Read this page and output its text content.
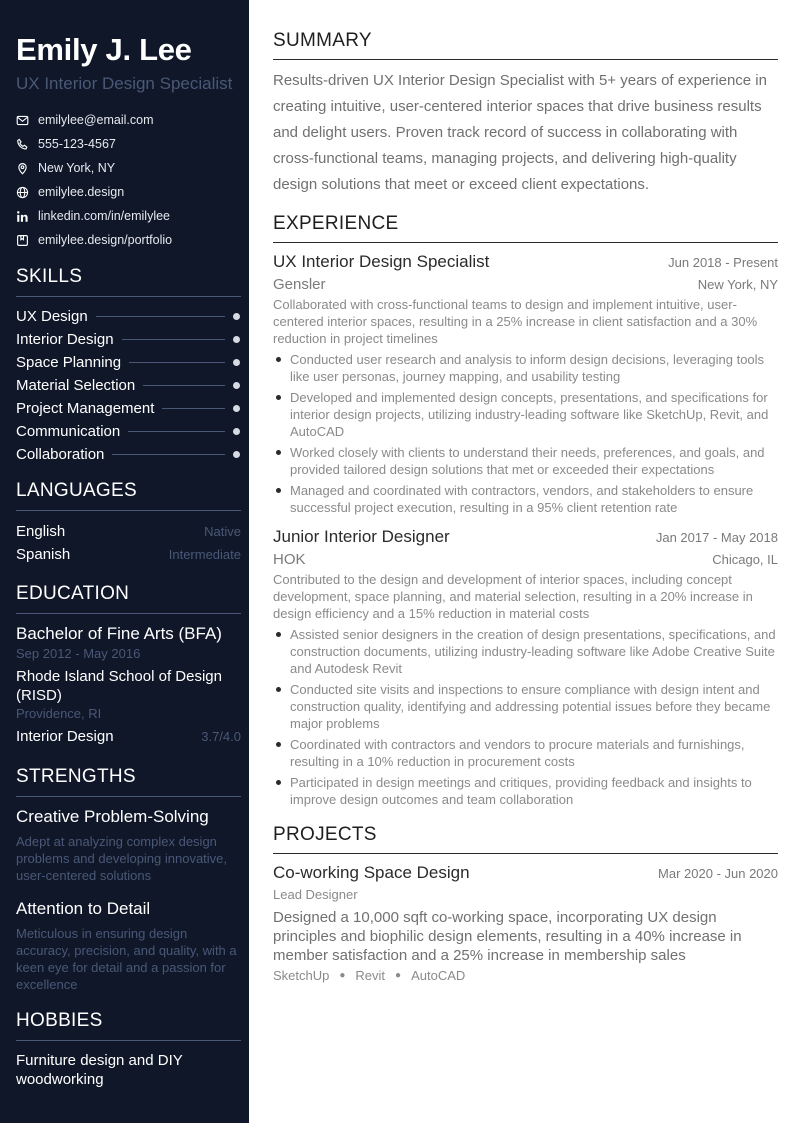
Emily J. Lee
UX Interior Design Specialist
emilylee@email.com
555-123-4567
New York, NY
emilylee.design
linkedin.com/in/emilylee
emilylee.design/portfolio
SKILLS
UX Design
Interior Design
Space Planning
Material Selection
Project Management
Communication
Collaboration
LANGUAGES
English	Native
Spanish	Intermediate
EDUCATION
Bachelor of Fine Arts (BFA)
Sep 2012 - May 2016
Rhode Island School of Design (RISD)
Providence, RI
Interior Design	3.7/4.0
STRENGTHS
Creative Problem-Solving
Adept at analyzing complex design problems and developing innovative, user-centered solutions
Attention to Detail
Meticulous in ensuring design accuracy, precision, and quality, with a keen eye for detail and a passion for excellence
HOBBIES
Furniture design and DIY woodworking
SUMMARY

Results-driven UX Interior Design Specialist with 5+ years of experience in creating intuitive, user-centered interior spaces that drive business results and delight users. Proven track record of success in collaborating with cross-functional teams, managing projects, and delivering high-quality design solutions that meet or exceed client expectations.

EXPERIENCE
UX Interior Design Specialist	Jun 2018 - Present
Gensler	New York, NY
Collaborated with cross-functional teams to design and implement intuitive, user-centered interior spaces, resulting in a 25% increase in client satisfaction and a 30% reduction in project timelines
Conducted user research and analysis to inform design decisions, leveraging tools like user personas, journey mapping, and usability testing
Developed and implemented design concepts, presentations, and specifications for interior design projects, utilizing industry-leading software like SketchUp, Revit, and AutoCAD
Worked closely with clients to understand their needs, preferences, and goals, and provided tailored design solutions that met or exceeded their expectations
Managed and coordinated with contractors, vendors, and stakeholders to ensure successful project execution, resulting in a 95% client retention rate
Junior Interior Designer	Jan 2017 - May 2018
HOK	Chicago, IL
Contributed to the design and development of interior spaces, including concept development, space planning, and material selection, resulting in a 20% increase in design efficiency and a 15% reduction in material costs
Assisted senior designers in the creation of design presentations, specifications, and construction documents, utilizing industry-leading software like Adobe Creative Suite and Autodesk Revit
Conducted site visits and inspections to ensure compliance with design intent and construction quality, identifying and addressing potential issues before they became major problems
Coordinated with contractors and vendors to procure materials and furnishings, resulting in a 10% reduction in procurement costs
Participated in design meetings and critiques, providing feedback and insights to improve design outcomes and team collaboration
PROJECTS
Co-working Space Design	Mar 2020 - Jun 2020
Lead Designer
Designed a 10,000 sqft co-working space, incorporating UX design principles and biophilic design elements, resulting in a 40% increase in member satisfaction and a 25% increase in membership sales
SketchUp ● Revit ● AutoCAD
